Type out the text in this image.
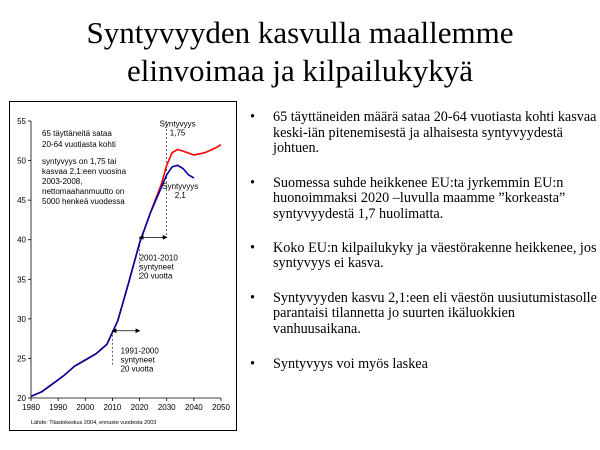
Syntyvyyden kasvulla maallemme
elinvoimaa ja kilpailukykyä
20
25
30
35
40
45
50
55
1980 1990 2000 2010 2020 2030 2040 2050
Syntyvyys
1,75
Syntyvyys
2,1
2001-2010
syntyneet
20 vuotta
1991-2000
syntyneet
20 vuotta
65 täyttäneitä sataa
20-64 vuotiasta kohti
syntyvyys on 1,75 tai
kasvaa 2,1:een vuosina
2003-2008,
nettomaahanmuutto on
5000 henkeä vuodessa
Lähde: Tilastokeskus 2004, ennuste vuodesta 2003
• 65 täyttäneiden määrä sataa 20-64 vuotiasta kohti kasvaa keski-iän pitenemisestä ja alhaisesta syntyvyydestä johtuen.
• Suomessa suhde heikkenee EU:ta jyrkemmin EU:n huonoimmaksi 2020 –luvulla maamme ”korkeasta” syntyvyydestä 1,7 huolimatta.
• Koko EU:n kilpailukyky ja väestörakenne heikkenee, jos syntyvyys ei kasva.
• Syntyvyyden kasvu 2,1:een eli väestön uusiutumistasolle parantaisi tilannetta jo suurten ikäluokkien vanhuusaikana.
• Syntyvyys voi myös laskea
